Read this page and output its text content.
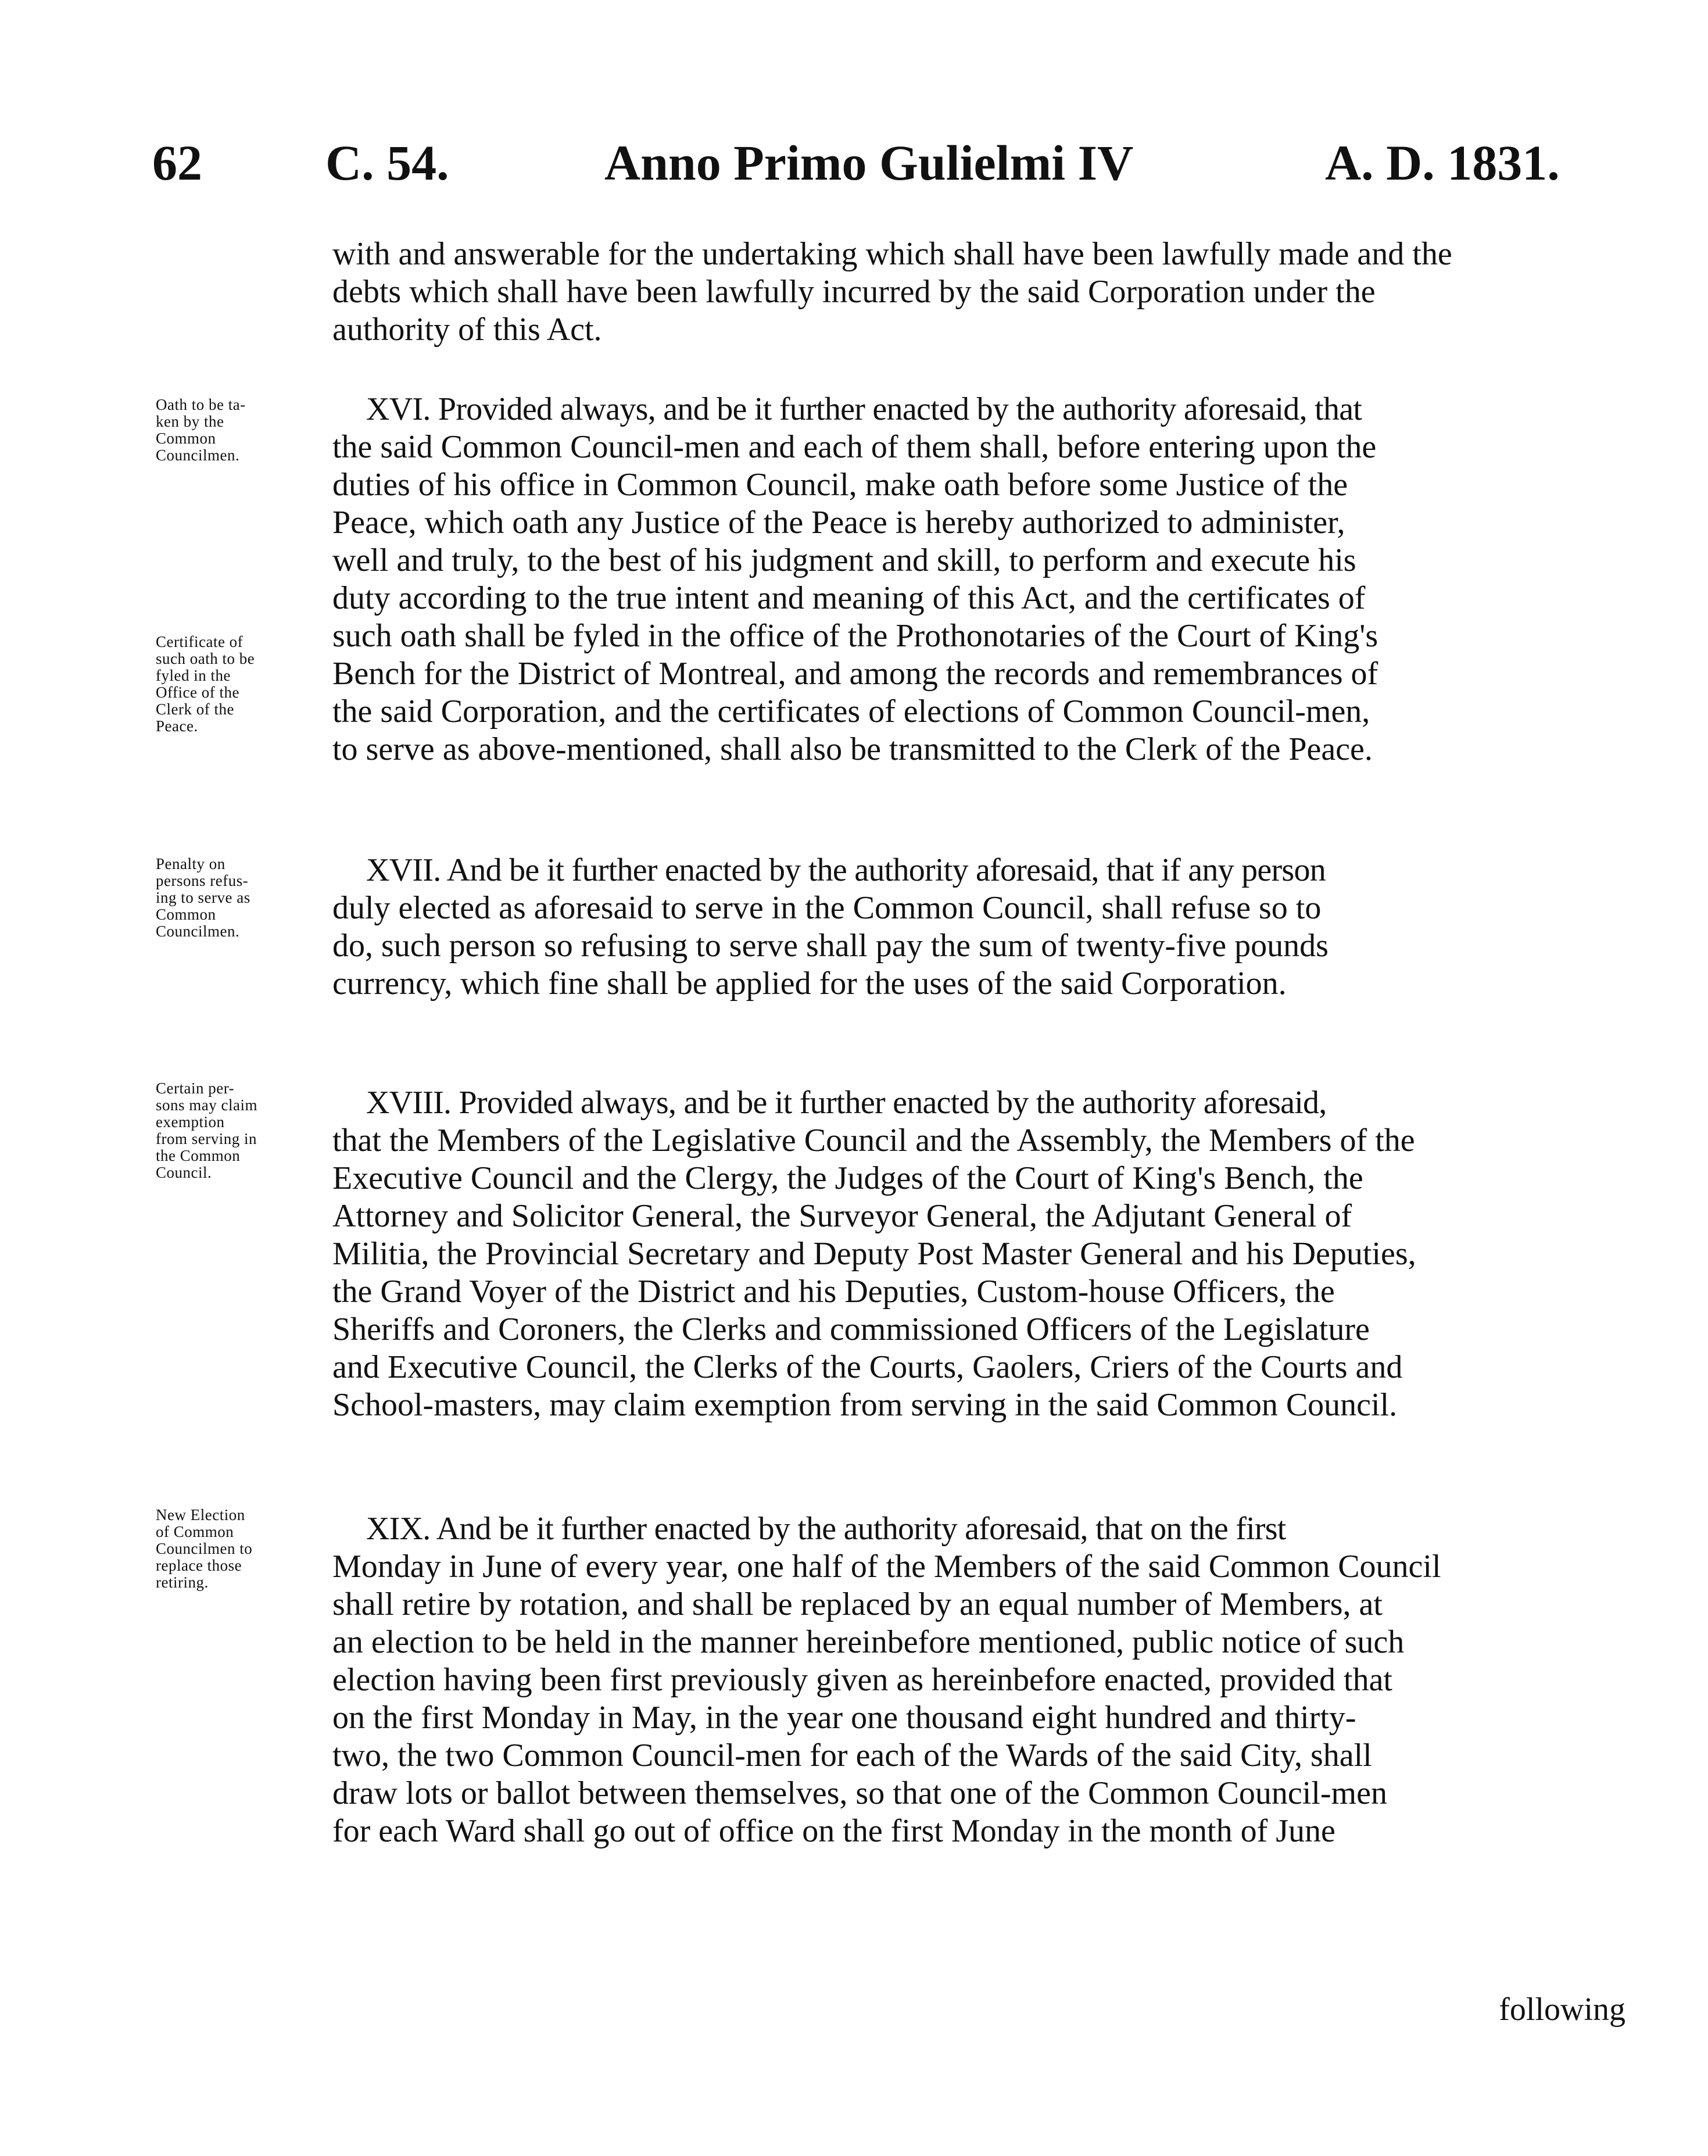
62 C. 54.	Anno Primo Gulielmi IV	A. D. 1831.
with and answerable for the undertaking which shall have been lawfully made and the
debts which shall have been lawfully incurred by the said Corporation under the
authority of this Act.
Oath to be ta-
ken by the
Common
Councilmen.
Certificate of
such oath to be
fyled in the
Office of the
Clerk of the
Peace.
XVI. Provided always, and be it further enacted by the authority aforesaid, that
the said Common Council-men and each of them shall, before entering upon the
duties of his office in Common Council, make oath before some Justice of the
Peace, which oath any Justice of the Peace is hereby authorized to administer,
well and truly, to the best of his judgment and skill, to perform and execute his
duty according to the true intent and meaning of this Act, and the certificates of
such oath shall be fyled in the office of the Prothonotaries of the Court of King's
Bench for the District of Montreal, and among the records and remembrances of
the said Corporation, and the certificates of elections of Common Council-men,
to serve as above-mentioned, shall also be transmitted to the Clerk of the Peace.
Penalty on
persons refus-
ing to serve as
Common
Councilmen.
XVII. And be it further enacted by the authority aforesaid, that if any person
duly elected as aforesaid to serve in the Common Council, shall refuse so to
do, such person so refusing to serve shall pay the sum of twenty-five pounds
currency, which fine shall be applied for the uses of the said Corporation.
Certain per-
sons may claim
exemption
from serving in
the Common
Council.
XVIII. Provided always, and be it further enacted by the authority aforesaid,
that the Members of the Legislative Council and the Assembly, the Members of the
Executive Council and the Clergy, the Judges of the Court of King's Bench, the
Attorney and Solicitor General, the Surveyor General, the Adjutant General of
Militia, the Provincial Secretary and Deputy Post Master General and his Deputies,
the Grand Voyer of the District and his Deputies, Custom-house Officers, the
Sheriffs and Coroners, the Clerks and commissioned Officers of the Legislature
and Executive Council, the Clerks of the Courts, Gaolers, Criers of the Courts and
School-masters, may claim exemption from serving in the said Common Council.
New Election
of Common
Councilmen to
replace those
retiring.
XIX. And be it further enacted by the authority aforesaid, that on the first
Monday in June of every year, one half of the Members of the said Common Council
shall retire by rotation, and shall be replaced by an equal number of Members, at
an election to be held in the manner hereinbefore mentioned, public notice of such
election having been first previously given as hereinbefore enacted, provided that
on the first Monday in May, in the year one thousand eight hundred and thirty-
two, the two Common Council-men for each of the Wards of the said City, shall
draw lots or ballot between themselves, so that one of the Common Council-men
for each Ward shall go out of office on the first Monday in the month of June
following
